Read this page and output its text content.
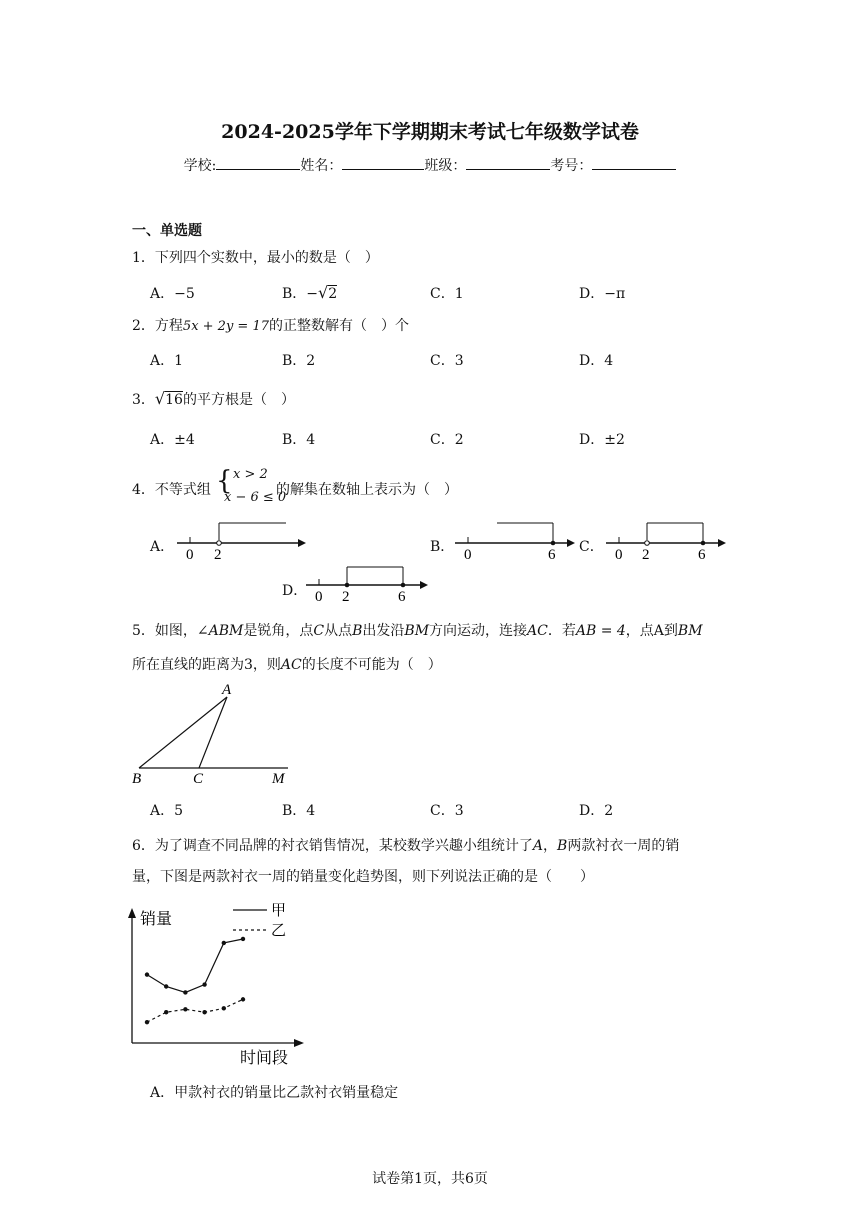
2024-2025学年下学期期末考试七年级数学试卷
学校:	姓名：	班级：	考号：
一、单选题
1．下列四个实数中，最小的数是（　）
A．−5	B．−√2	C．1	D．−π
2．方程5x + 2y = 17的正整数解有（　）个
A．1	B．2	C．3	D．4
3．√16的平方根是（　）
A．±4	B．4	C．2	D．±2
4．不等式组 { x > 2
x − 6 ≤ 0
的解集在数轴上表示为（　）
A． 0 2	0	6	0 2	6
0 2	6
A
B	C	M
B．	C．
D．
5．如图，∠ABM是锐角，点C从点B出发沿BM方向运动，连接AC．若AB = 4，点A到BM
所在直线的距离为3，则AC的长度不可能为（　）
A．5	B．4	C．3	D．2
6．为了调查不同品牌的衬衣销售情况，某校数学兴趣小组统计了A，B两款衬衣一周的销
量，下图是两款衬衣一周的销量变化趋势图，则下列说法正确的是（　　）
销量
时间段
甲
乙
A．甲款衬衣的销量比乙款衬衣销量稳定
试卷第1页，共6页
